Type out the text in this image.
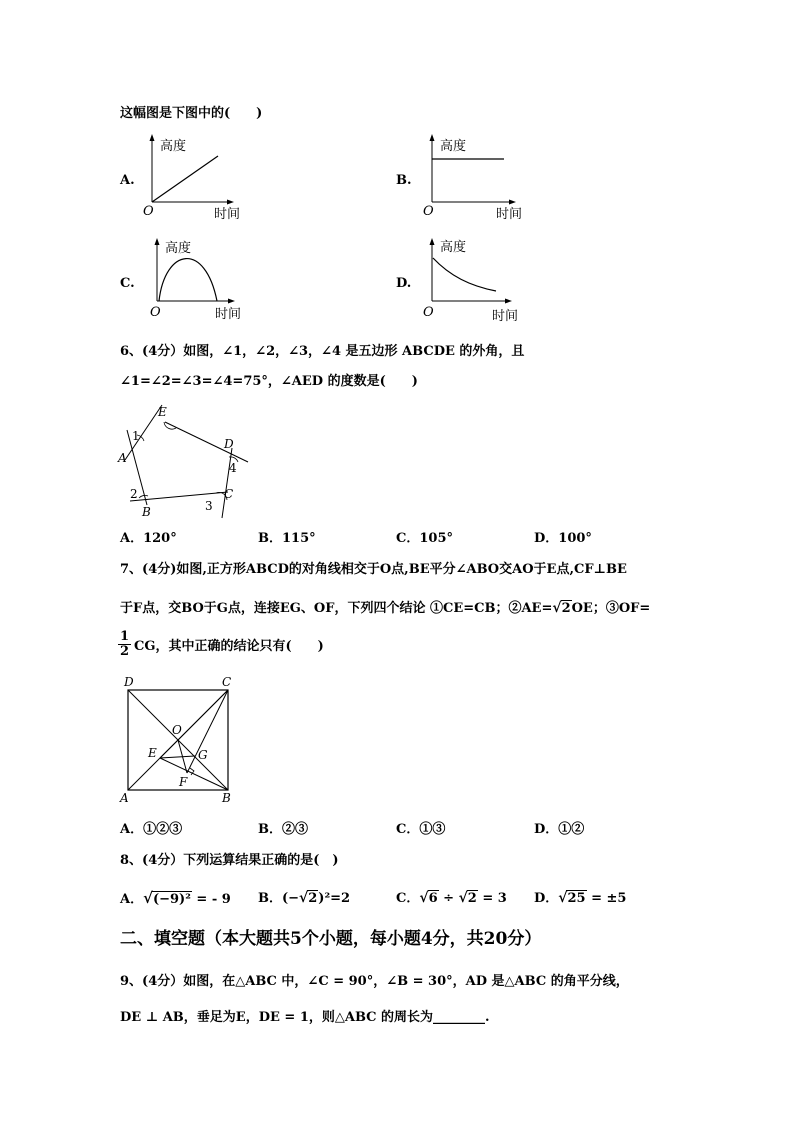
这幅图是下图中的(　　)
A.
高度
时间
O
B.
高度
时间
O
C.
高度
时间
O
D.
高度
时间
O
6、(4分）如图，∠1，∠2，∠3，∠4 是五边形 ABCDE 的外角，且
∠1=∠2=∠3=∠4=75°，∠AED 的度数是(　　)
E
A
B
C
D
1
2
3
4
A．120°	B．115°	C．105°	D．100°
7、(4分)如图,正方形ABCD的对角线相交于O点,BE平分∠ABO交AO于E点,CF⊥BE
于F点，交BO于G点，连接EG、OF，下列四个结论 ①CE=CB；②AE=√2OE；③OF=
$\frac{1}{2}$ CG，其中正确的结论只有(　　)
D	C
A	B
O
E	G
F
A．①②③	B．②③	C．①③	D．①②
8、(4分）下列运算结果正确的是(　)
A．√(−9)² = - 9 B．(−√2)²=2	C．√6 ÷ √2 = 3 D．√25 = ±5
二、填空题（本大题共5个小题，每小题4分，共20分）
9、(4分）如图，在△ABC 中，∠C = 90°，∠B = 30°，AD 是△ABC 的角平分线，
DE ⊥ AB，垂足为E，DE = 1，则△ABC 的周长为________.
